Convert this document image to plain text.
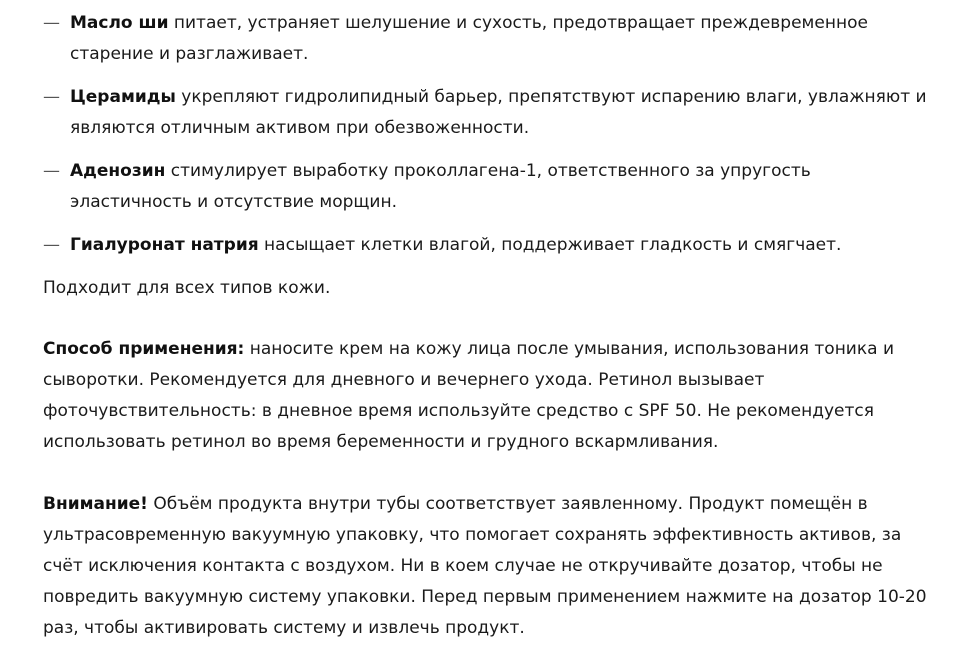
— Масло ши питает, устраняет шелушение и сухость, предотвращает преждевременное старение и разглаживает.
— Церамиды укрепляют гидролипидный барьер, препятствуют испарению влаги, увлажняют и являются отличным активом при обезвоженности.
— Аденозин стимулирует выработку проколлагена-1, ответственного за упругость эластичность и отсутствие морщин.
— Гиалуронат натрия насыщает клетки влагой, поддерживает гладкость и смягчает.

Подходит для всех типов кожи.

Способ применения: наносите крем на кожу лица после умывания, использования тоника и сыворотки. Рекомендуется для дневного и вечернего ухода. Ретинол вызывает фоточувствительность: в дневное время используйте средство с SPF 50. Не рекомендуется использовать ретинол во время беременности и грудного вскармливания.

Внимание! Объём продукта внутри тубы соответствует заявленному. Продукт помещён в ультрасовременную вакуумную упаковку, что помогает сохранять эффективность активов, за счёт исключения контакта с воздухом. Ни в коем случае не откручивайте дозатор, чтобы не повредить вакуумную систему упаковки. Перед первым применением нажмите на дозатор 10-20 раз, чтобы активировать систему и извлечь продукт.
